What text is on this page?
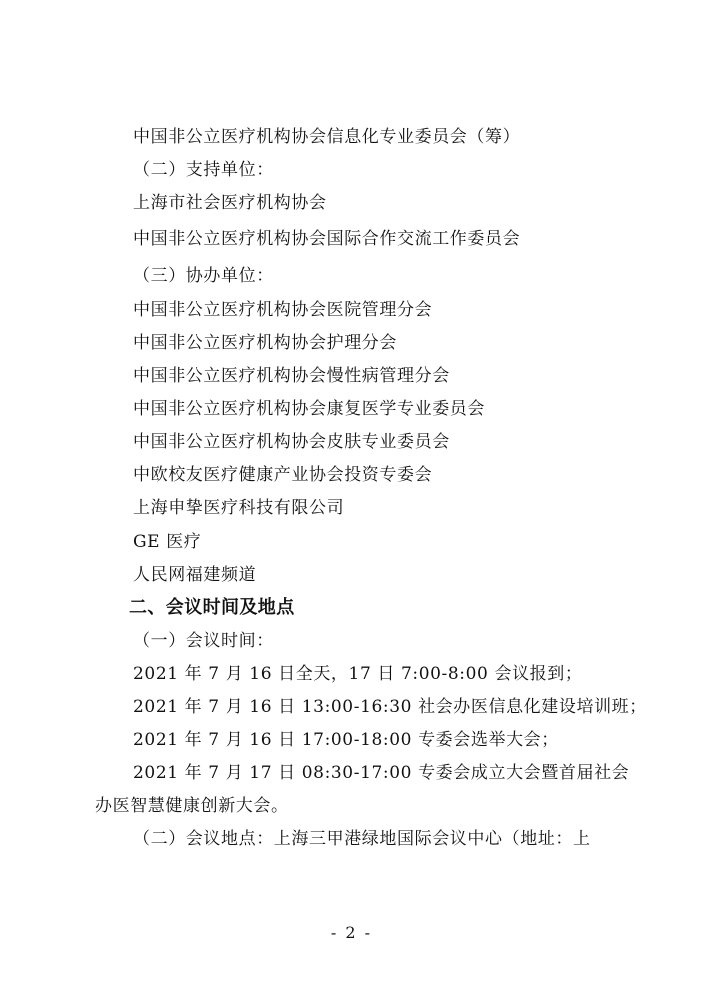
中国非公立医疗机构协会信息化专业委员会（筹）
（二）支持单位：
上海市社会医疗机构协会
中国非公立医疗机构协会国际合作交流工作委员会
（三）协办单位：
中国非公立医疗机构协会医院管理分会
中国非公立医疗机构协会护理分会
中国非公立医疗机构协会慢性病管理分会
中国非公立医疗机构协会康复医学专业委员会
中国非公立医疗机构协会皮肤专业委员会
中欧校友医疗健康产业协会投资专委会
上海申挚医疗科技有限公司
GE 医疗
人民网福建频道
二、会议时间及地点
（一）会议时间：
2021 年 7 月 16 日全天，17 日 7:00-8:00 会议报到；
2021 年 7 月 16 日 13:00-16:30 社会办医信息化建设培训班；
2021 年 7 月 16 日 17:00-18:00 专委会选举大会；
2021 年 7 月 17 日 08:30-17:00 专委会成立大会暨首届社会
办医智慧健康创新大会。
（二）会议地点：上海三甲港绿地国际会议中心（地址：上
- 2 -
